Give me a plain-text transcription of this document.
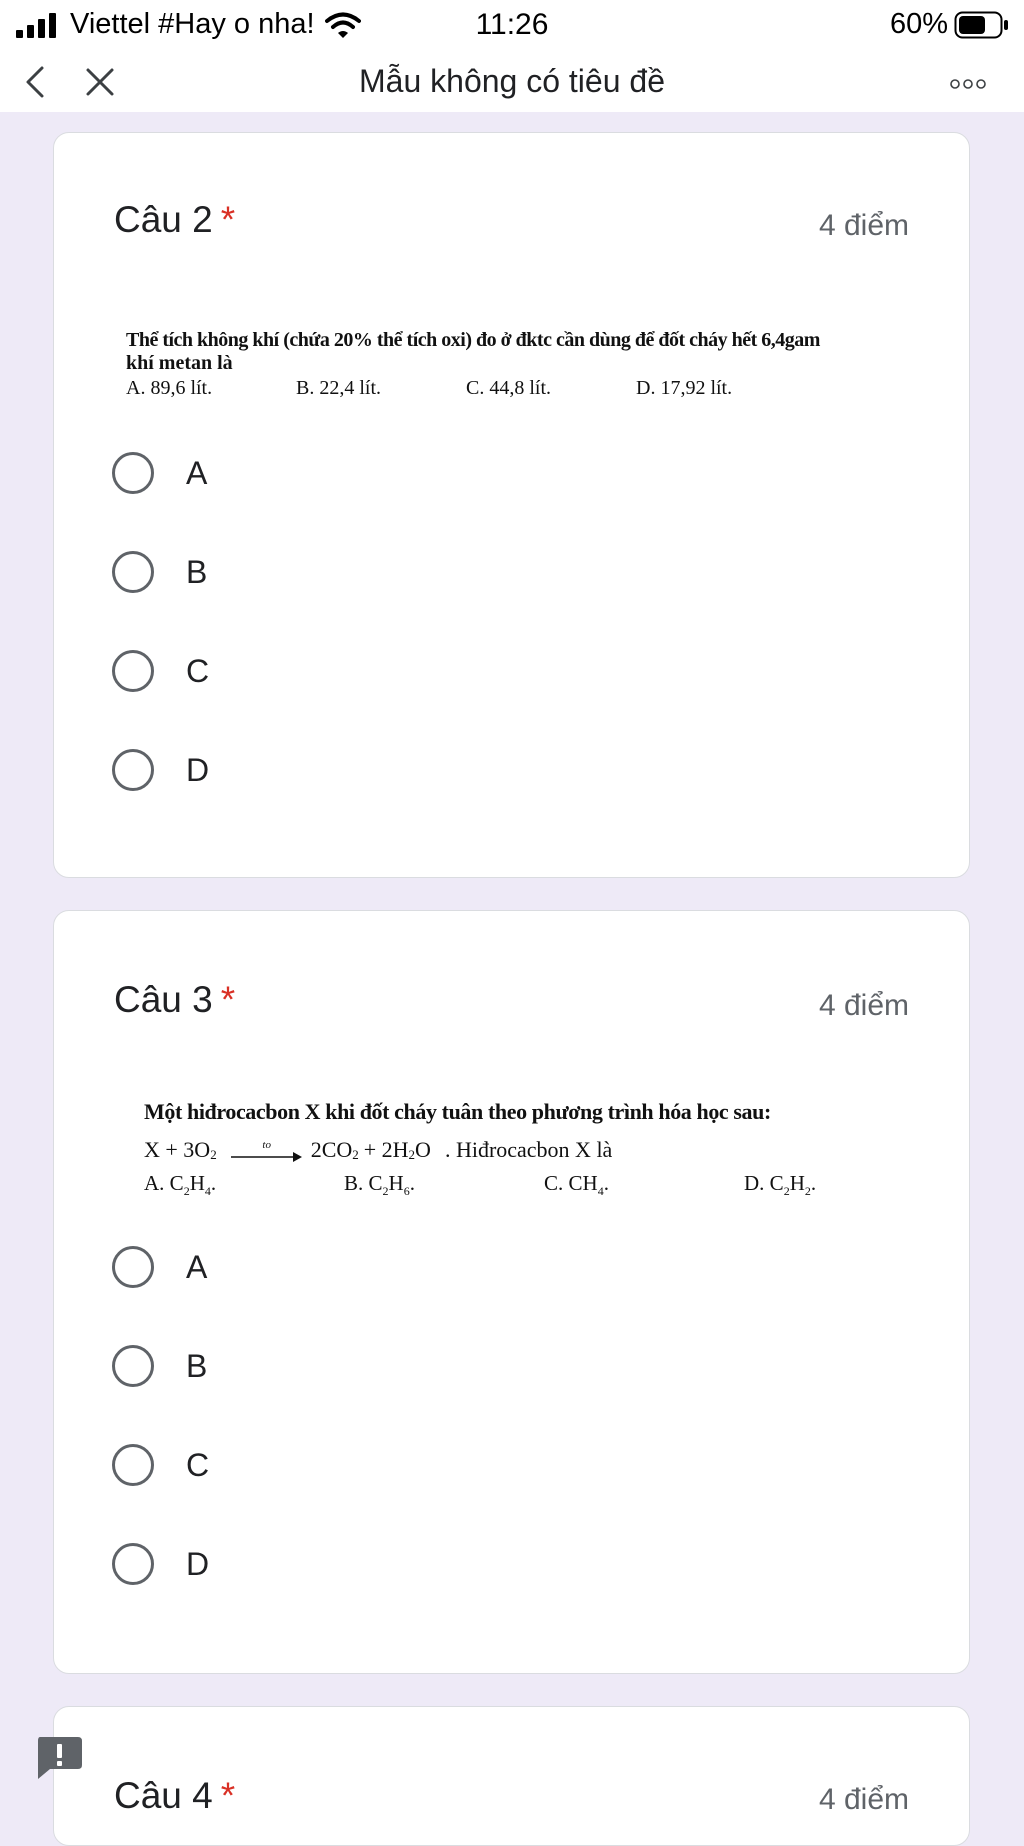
Viettel #Hay o nha!	11:26	60%
Mẫu không có tiêu đề
Câu 2 *	4 điểm
Thể tích không khí (chứa 20% thể tích oxi) đo ở đktc cần dùng để đốt cháy hết 6,4gam
khí metan là
A. 89,6 lít.	B. 22,4 lít.	C. 44,8 lít.	D. 17,92 lít.
A
B
C
D
Câu 3 *	4 điểm
Một hiđrocacbon X khi đốt cháy tuân theo phương trình hóa học sau:
$X + 3O_2$
to $2CO_2 + 2H_2$ O . Hiđrocacbon X là
A. $C_2H_4$.	B. $C_2H_6$.	C. $CH_4$.	D. $C_2H_2$.
A
B
C
D
Câu 4 *	4 điểm
